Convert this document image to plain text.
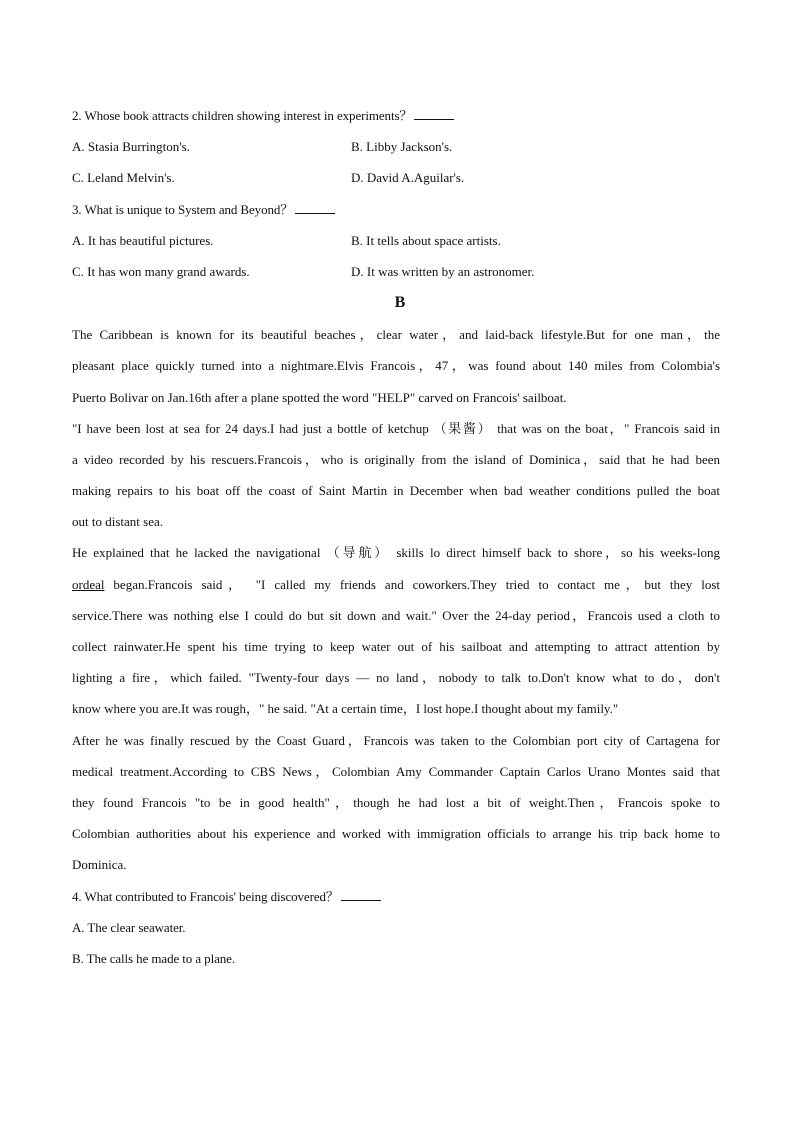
2. Whose book attracts children showing interest in experiments？
A. Stasia Burrington's.	B. Libby Jackson's.
C. Leland Melvin's.	D. David A.Aguilar's.
3. What is unique to System and Beyond？
A. It has beautiful pictures.	B. It tells about space artists.
C. It has won many grand awards.	D. It was written by an astronomer.
B
The Caribbean is known for its beautiful beaches，clear water，and laid-back lifestyle.But for one man，the
pleasant place quickly turned into a nightmare.Elvis Francois，47，was found about 140 miles from Colombia's
Puerto Bolivar on Jan.16th after a plane spotted the word "HELP" carved on Francois' sailboat.
"I have been lost at sea for 24 days.I had just a bottle of ketchup （果酱） that was on the boat，" Francois said in
a video recorded by his rescuers.Francois，who is originally from the island of Dominica，said that he had been
making repairs to his boat off the coast of Saint Martin in December when bad weather conditions pulled the boat
out to distant sea.
He explained that he lacked the navigational （导航） skills lo direct himself back to shore，so his weeks-long
ordeal began.Francois said， "I called my friends and coworkers.They tried to contact me，but they lost
service.There was nothing else I could do but sit down and wait." Over the 24-day period，Francois used a cloth to
collect rainwater.He spent his time trying to keep water out of his sailboat and attempting to attract attention by
lighting a fire，which failed. "Twenty-four days — no land，nobody to talk to.Don't know what to do，don't
know where you are.It was rough，" he said. "At a certain time，I lost hope.I thought about my family."
After he was finally rescued by the Coast Guard，Francois was taken to the Colombian port city of Cartagena for
medical treatment.According to CBS News，Colombian Amy Commander Captain Carlos Urano Montes said that
they found Francois "to be in good health"，though he had lost a bit of weight.Then，Francois spoke to
Colombian authorities about his experience and worked with immigration officials to arrange his trip back home to
Dominica.
4. What contributed to Francois' being discovered？
A. The clear seawater.
B. The calls he made to a plane.
